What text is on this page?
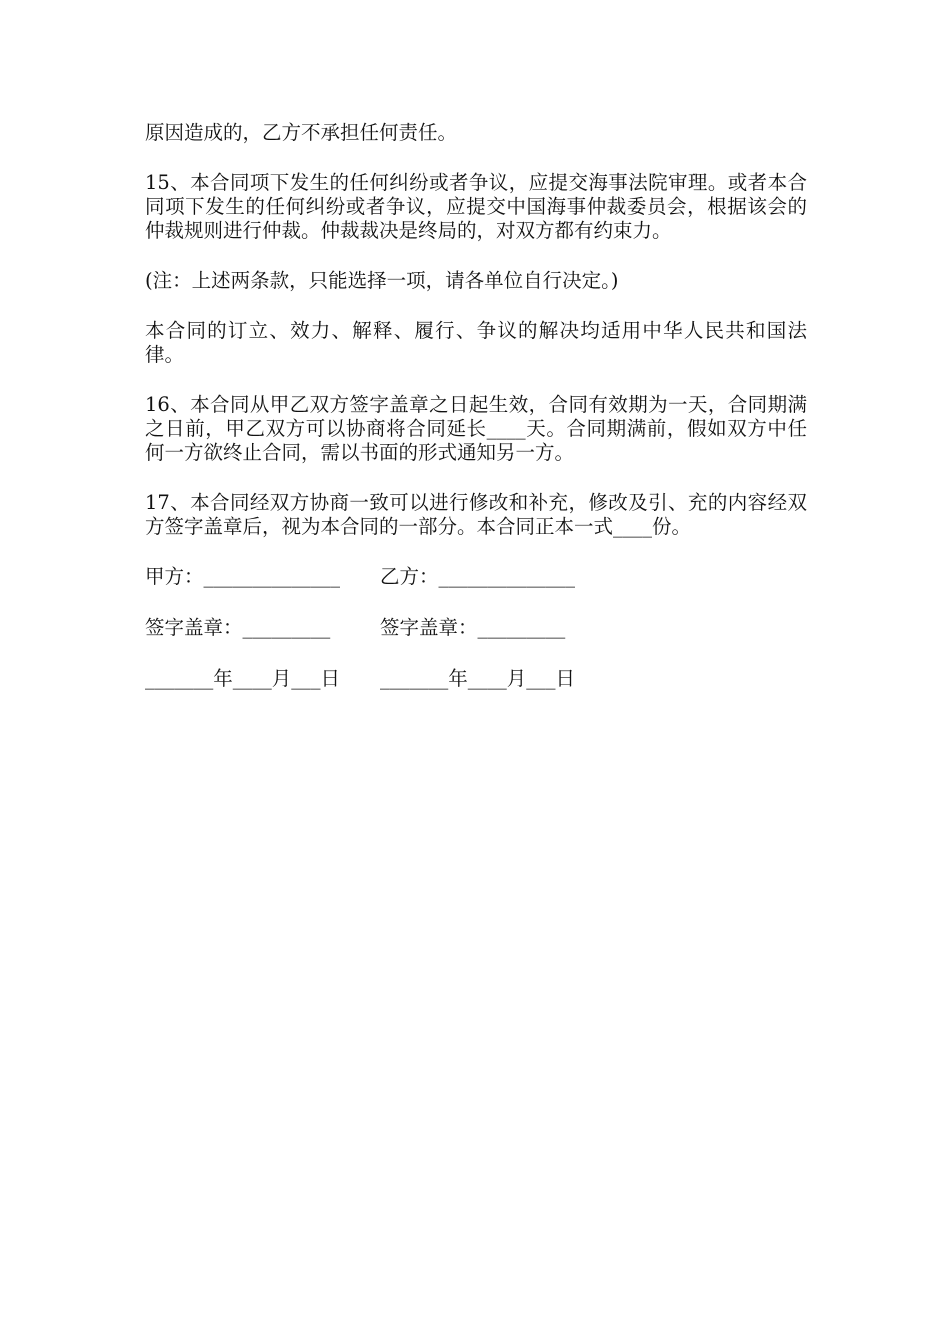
原因造成的，乙方不承担任何责任。

15、本合同项下发生的任何纠纷或者争议，应提交海事法院审理。或者本合同项下发生的任何纠纷或者争议，应提交中国海事仲裁委员会，根据该会的仲裁规则进行仲裁。仲裁裁决是终局的，对双方都有约束力。

(注：上述两条款，只能选择一项，请各单位自行决定。)

本合同的订立、效力、解释、履行、争议的解决均适用中华人民共和国法律。

16、本合同从甲乙双方签字盖章之日起生效，合同有效期为一天，合同期满之日前，甲乙双方可以协商将合同延长____天。合同期满前，假如双方中任何一方欲终止合同，需以书面的形式通知另一方。

17、本合同经双方协商一致可以进行修改和补充，修改及引、充的内容经双方签字盖章后，视为本合同的一部分。本合同正本一式____份。

甲方：______________ 乙方：______________
签字盖章：_________	签字盖章：_________
_______年____月___日 _______年____月___日
